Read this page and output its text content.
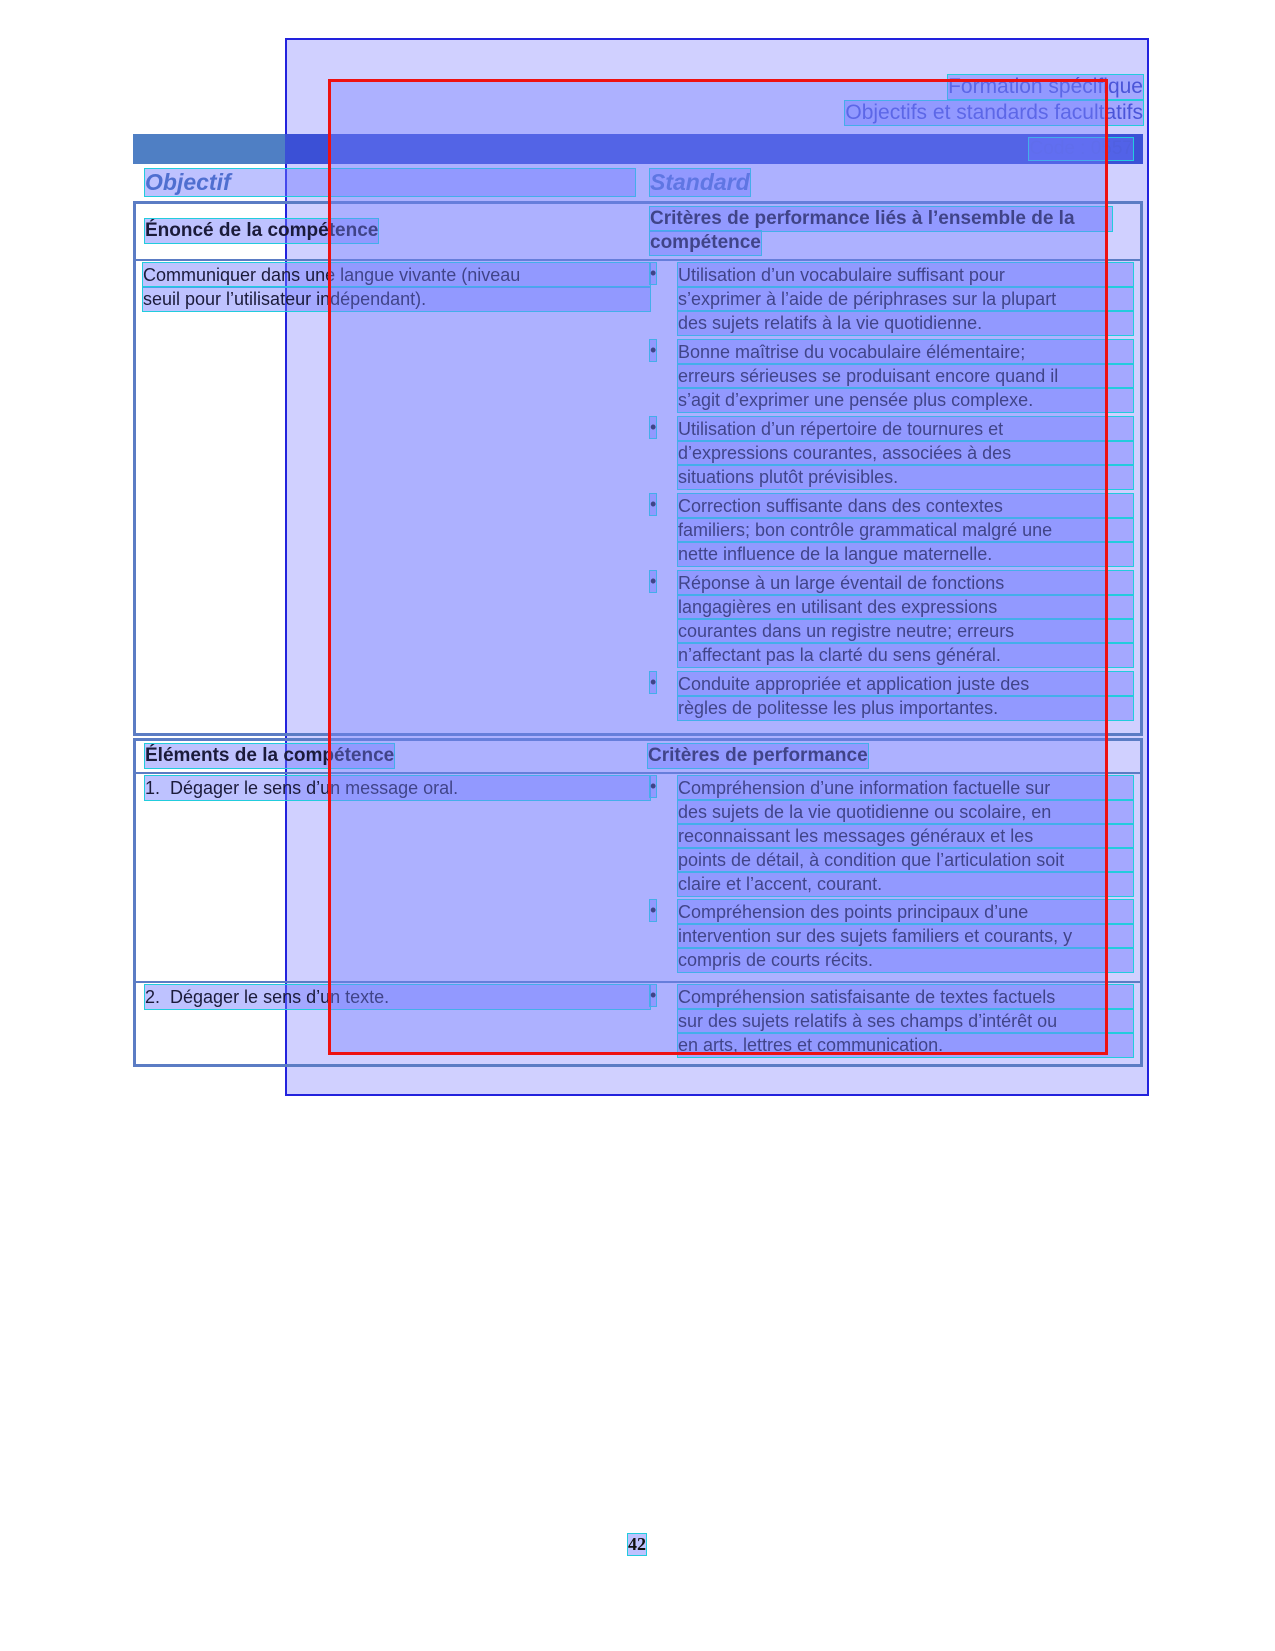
Formation spécifique
Objectifs et standards facultatifs
Code : 0557
Objectif	Standard
Énoncé de la compétence
Critères de performance liés à l’ensemble de la
compétence
Communiquer dans une langue vivante (niveau
seuil pour l’utilisateur indépendant).
• Utilisation d’un vocabulaire suffisant pour
s’exprimer à l’aide de périphrases sur la plupart
des sujets relatifs à la vie quotidienne.
• Bonne maîtrise du vocabulaire élémentaire;
erreurs sérieuses se produisant encore quand il
s’agit d’exprimer une pensée plus complexe.
• Utilisation d’un répertoire de tournures et
d’expressions courantes, associées à des
situations plutôt prévisibles.
• Correction suffisante dans des contextes
familiers; bon contrôle grammatical malgré une
nette influence de la langue maternelle.
• Réponse à un large éventail de fonctions
langagières en utilisant des expressions
courantes dans un registre neutre; erreurs
n’affectant pas la clarté du sens général.
• Conduite appropriée et application juste des
règles de politesse les plus importantes.
Éléments de la compétence	Critères de performance
1.  Dégager le sens d’un message oral.
2.  Dégager le sens d’un texte.
• Compréhension d’une information factuelle sur
des sujets de la vie quotidienne ou scolaire, en
reconnaissant les messages généraux et les
points de détail, à condition que l’articulation soit
claire et l’accent, courant.
• Compréhension des points principaux d’une
intervention sur des sujets familiers et courants, y
compris de courts récits.
• Compréhension satisfaisante de textes factuels
sur des sujets relatifs à ses champs d’intérêt ou
en arts, lettres et communication.
42
